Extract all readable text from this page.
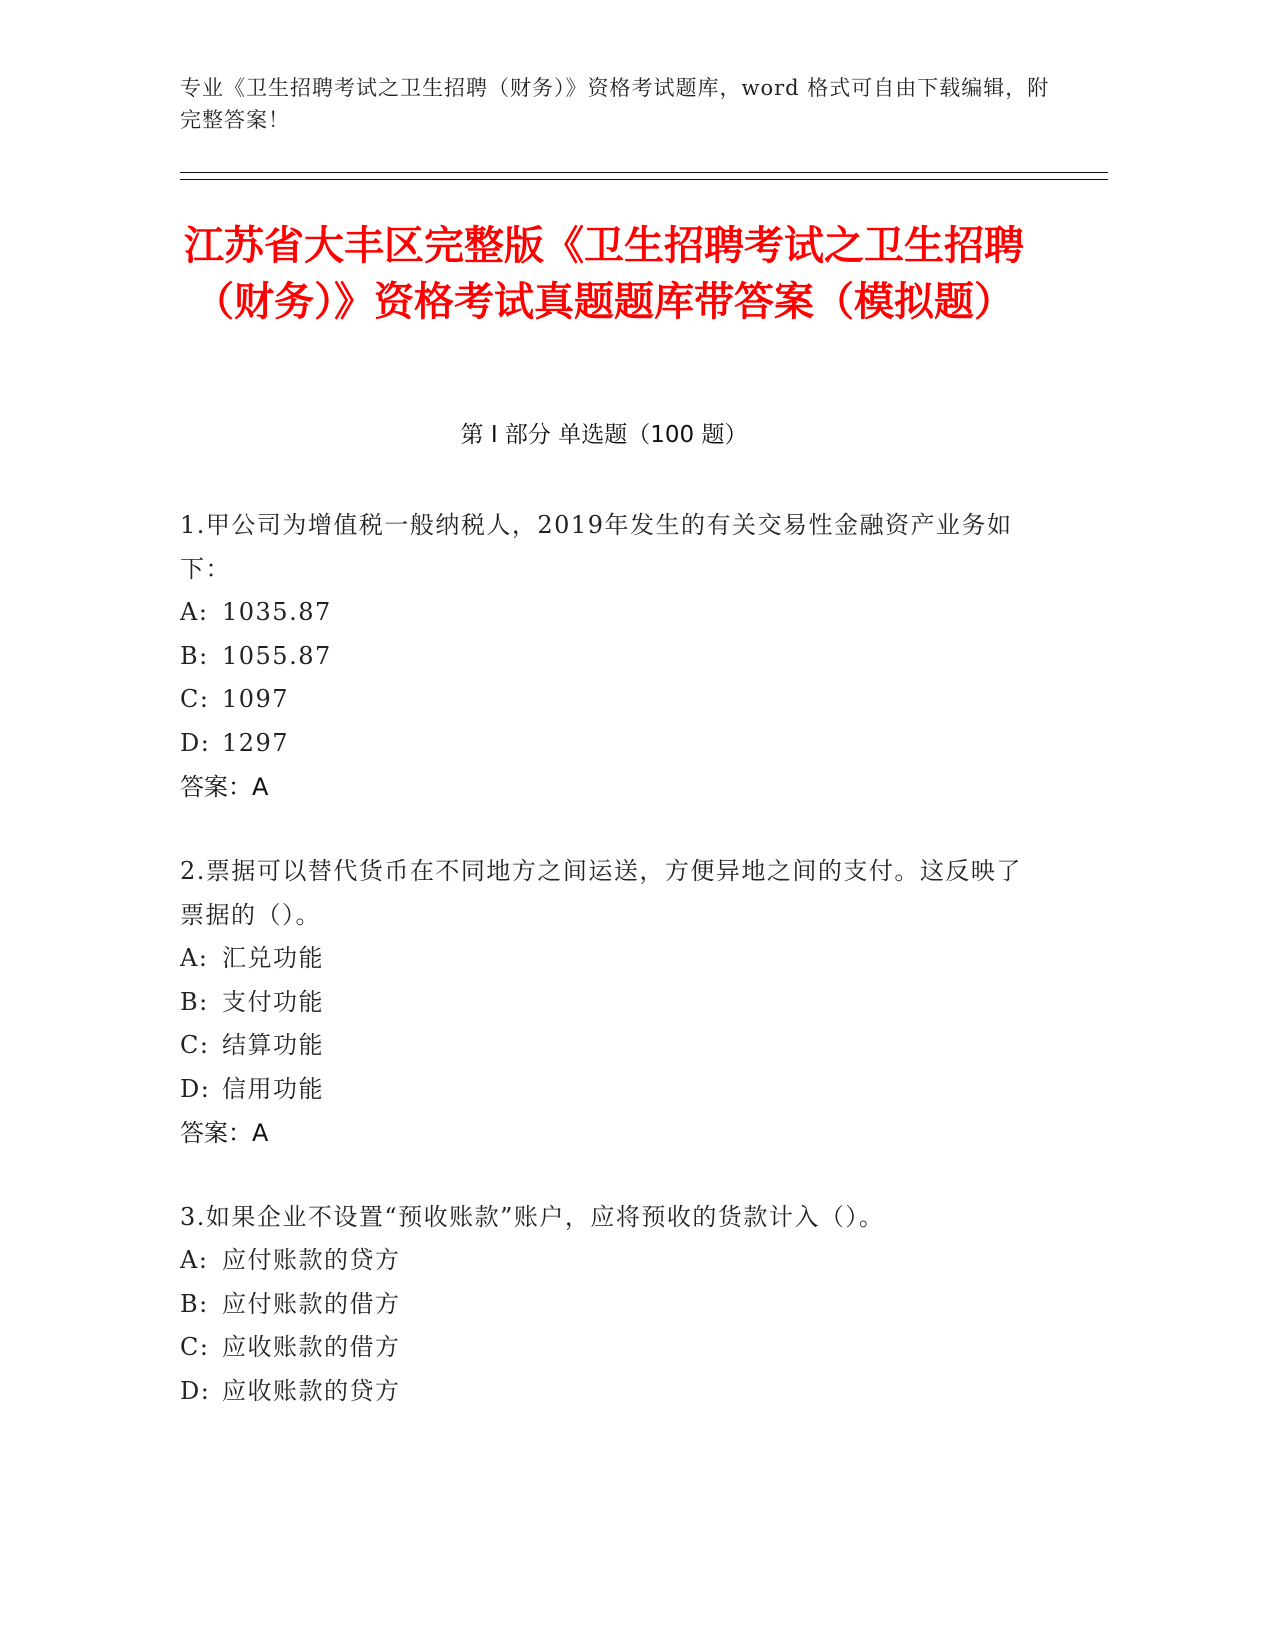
专业《卫生招聘考试之卫生招聘（财务）》资格考试题库，word 格式可自由下载编辑，附完整答案！
江苏省大丰区完整版《卫生招聘考试之卫生招聘（财务）》资格考试真题题库带答案（模拟题）
第 I 部分 单选题（100 题）
1.甲公司为增值税一般纳税人，2019年发生的有关交易性金融资产业务如下：
A: 1035.87
B: 1055.87
C: 1097
D: 1297
答案：A
2.票据可以替代货币在不同地方之间运送，方便异地之间的支付。这反映了票据的（）。
A: 汇兑功能
B: 支付功能
C: 结算功能
D: 信用功能
答案：A
3.如果企业不设置“预收账款”账户，应将预收的货款计入（）。
A: 应付账款的贷方
B: 应付账款的借方
C: 应收账款的借方
D: 应收账款的贷方
